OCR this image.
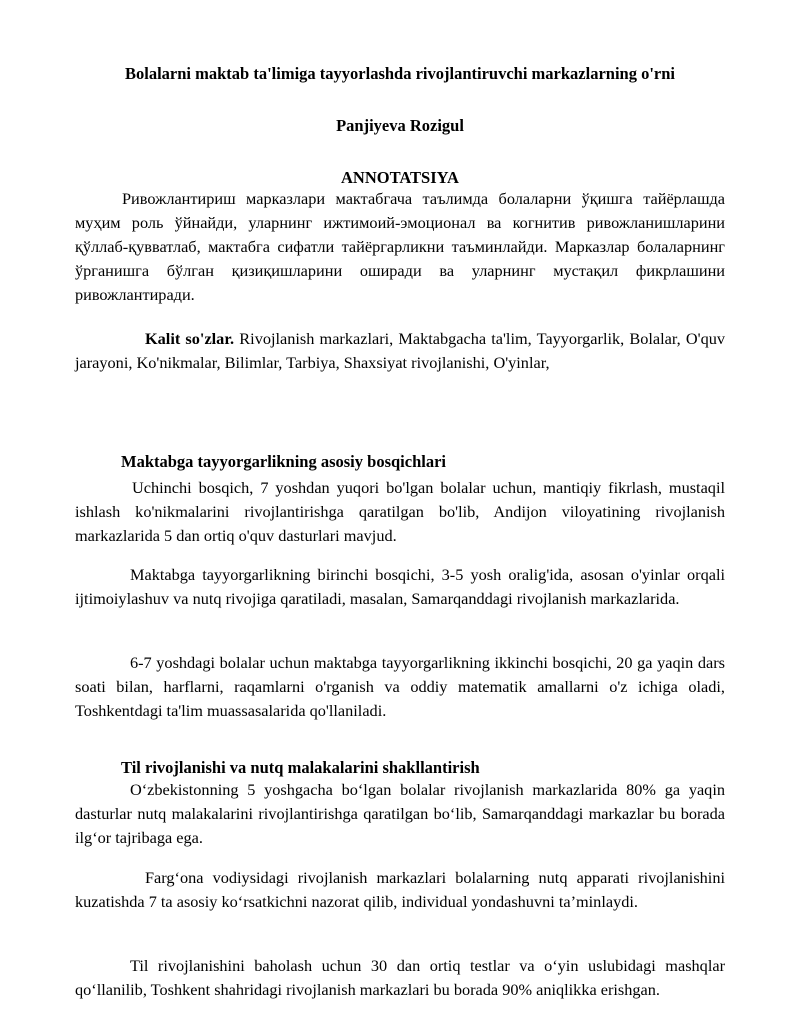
Bolalarni maktab ta'limiga tayyorlashda rivojlantiruvchi markazlarning o'rni
Panjiyeva Rozigul
ANNOTATSIYA
Ривожлантириш марказлари мактабгача таълимда болаларни ўқишга тайёрлашда муҳим роль ўйнайди, уларнинг ижтимоий-эмоционал ва когнитив ривожланишларини қўллаб-қувватлаб, мактабга сифатли тайёргарликни таъминлайди. Марказлар болаларнинг ўрганишга бўлган қизиқишларини оширади ва уларнинг мустақил фикрлашини ривожлантиради.
Kalit so'zlar. Rivojlanish markazlari, Maktabgacha ta'lim, Tayyorgarlik, Bolalar, O'quv jarayoni, Ko'nikmalar, Bilimlar, Tarbiya, Shaxsiyat rivojlanishi, O'yinlar,
Maktabga tayyorgarlikning asosiy bosqichlari
Uchinchi bosqich, 7 yoshdan yuqori bo'lgan bolalar uchun, mantiqiy fikrlash, mustaqil ishlash ko'nikmalarini rivojlantirishga qaratilgan bo'lib, Andijon viloyatining rivojlanish markazlarida 5 dan ortiq o'quv dasturlari mavjud.
Maktabga tayyorgarlikning birinchi bosqichi, 3-5 yosh oralig'ida, asosan o'yinlar orqali ijtimoiylashuv va nutq rivojiga qaratiladi, masalan, Samarqanddagi rivojlanish markazlarida.
6-7 yoshdagi bolalar uchun maktabga tayyorgarlikning ikkinchi bosqichi, 20 ga yaqin dars soati bilan, harflarni, raqamlarni o'rganish va oddiy matematik amallarni o'z ichiga oladi, Toshkentdagi ta'lim muassasalarida qo'llaniladi.
Til rivojlanishi va nutq malakalarini shakllantirish
O‘zbekistonning 5 yoshgacha bo‘lgan bolalar rivojlanish markazlarida 80% ga yaqin dasturlar nutq malakalarini rivojlantirishga qaratilgan bo‘lib, Samarqanddagi markazlar bu borada ilg‘or tajribaga ega.
Farg‘ona vodiysidagi rivojlanish markazlari bolalarning nutq apparati rivojlanishini kuzatishda 7 ta asosiy ko‘rsatkichni nazorat qilib, individual yondashuvni ta’minlaydi.
Til rivojlanishini baholash uchun 30 dan ortiq testlar va o‘yin uslubidagi mashqlar qo‘llanilib, Toshkent shahridagi rivojlanish markazlari bu borada 90% aniqlikka erishgan.
